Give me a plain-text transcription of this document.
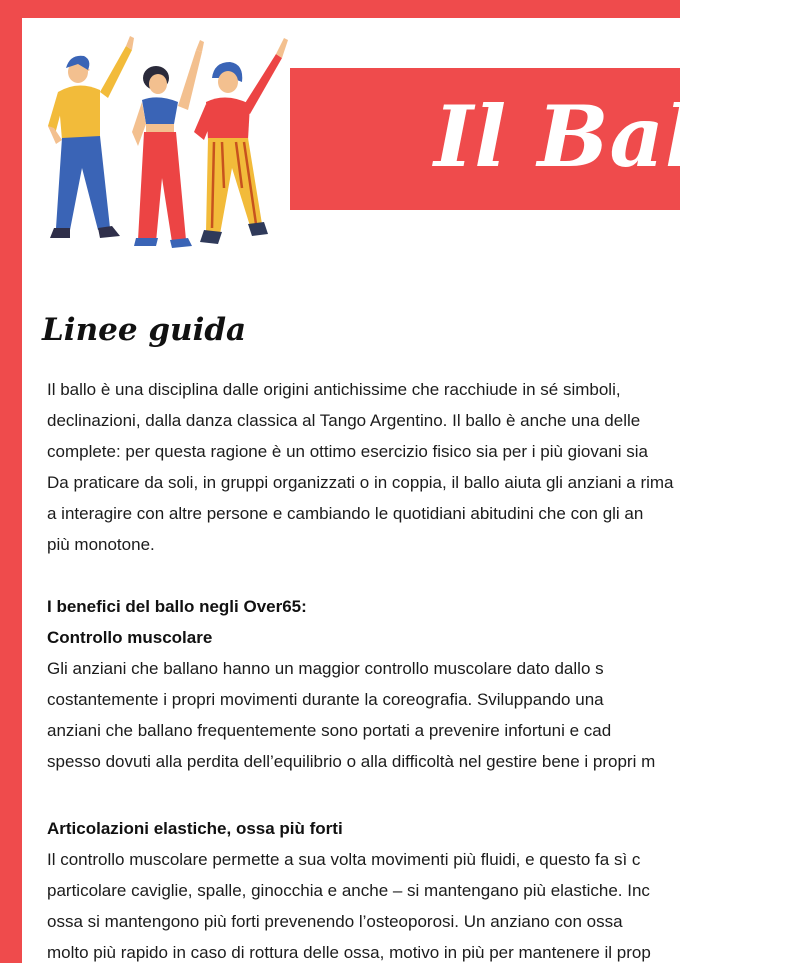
Il Ballo
Linee guida
Il ballo è una disciplina dalle origini antichissime che racchiude in sé simboli,
declinazioni, dalla danza classica al Tango Argentino. Il ballo è anche una delle
complete: per questa ragione è un ottimo esercizio fisico sia per i più giovani sia
Da praticare da soli, in gruppi organizzati o in coppia, il ballo aiuta gli anziani a rima
a interagire con altre persone e cambiando le quotidiani abitudini che con gli an
più monotone.
I benefici del ballo negli Over65:
Controllo muscolare
Gli anziani che ballano hanno un maggior controllo muscolare dato dallo s
costantemente i propri movimenti durante la coreografia. Sviluppando una
anziani che ballano frequentemente sono portati a prevenire infortuni e cad
spesso dovuti alla perdita dell’equilibrio o alla difficoltà nel gestire bene i propri m
Articolazioni elastiche, ossa più forti
Il controllo muscolare permette a sua volta movimenti più fluidi, e questo fa sì c
particolare caviglie, spalle, ginocchia e anche – si mantengano più elastiche. Inc
ossa si mantengono più forti prevenendo l’osteoporosi. Un anziano con ossa
molto più rapido in caso di rottura delle ossa, motivo in più per mantenere il prop
